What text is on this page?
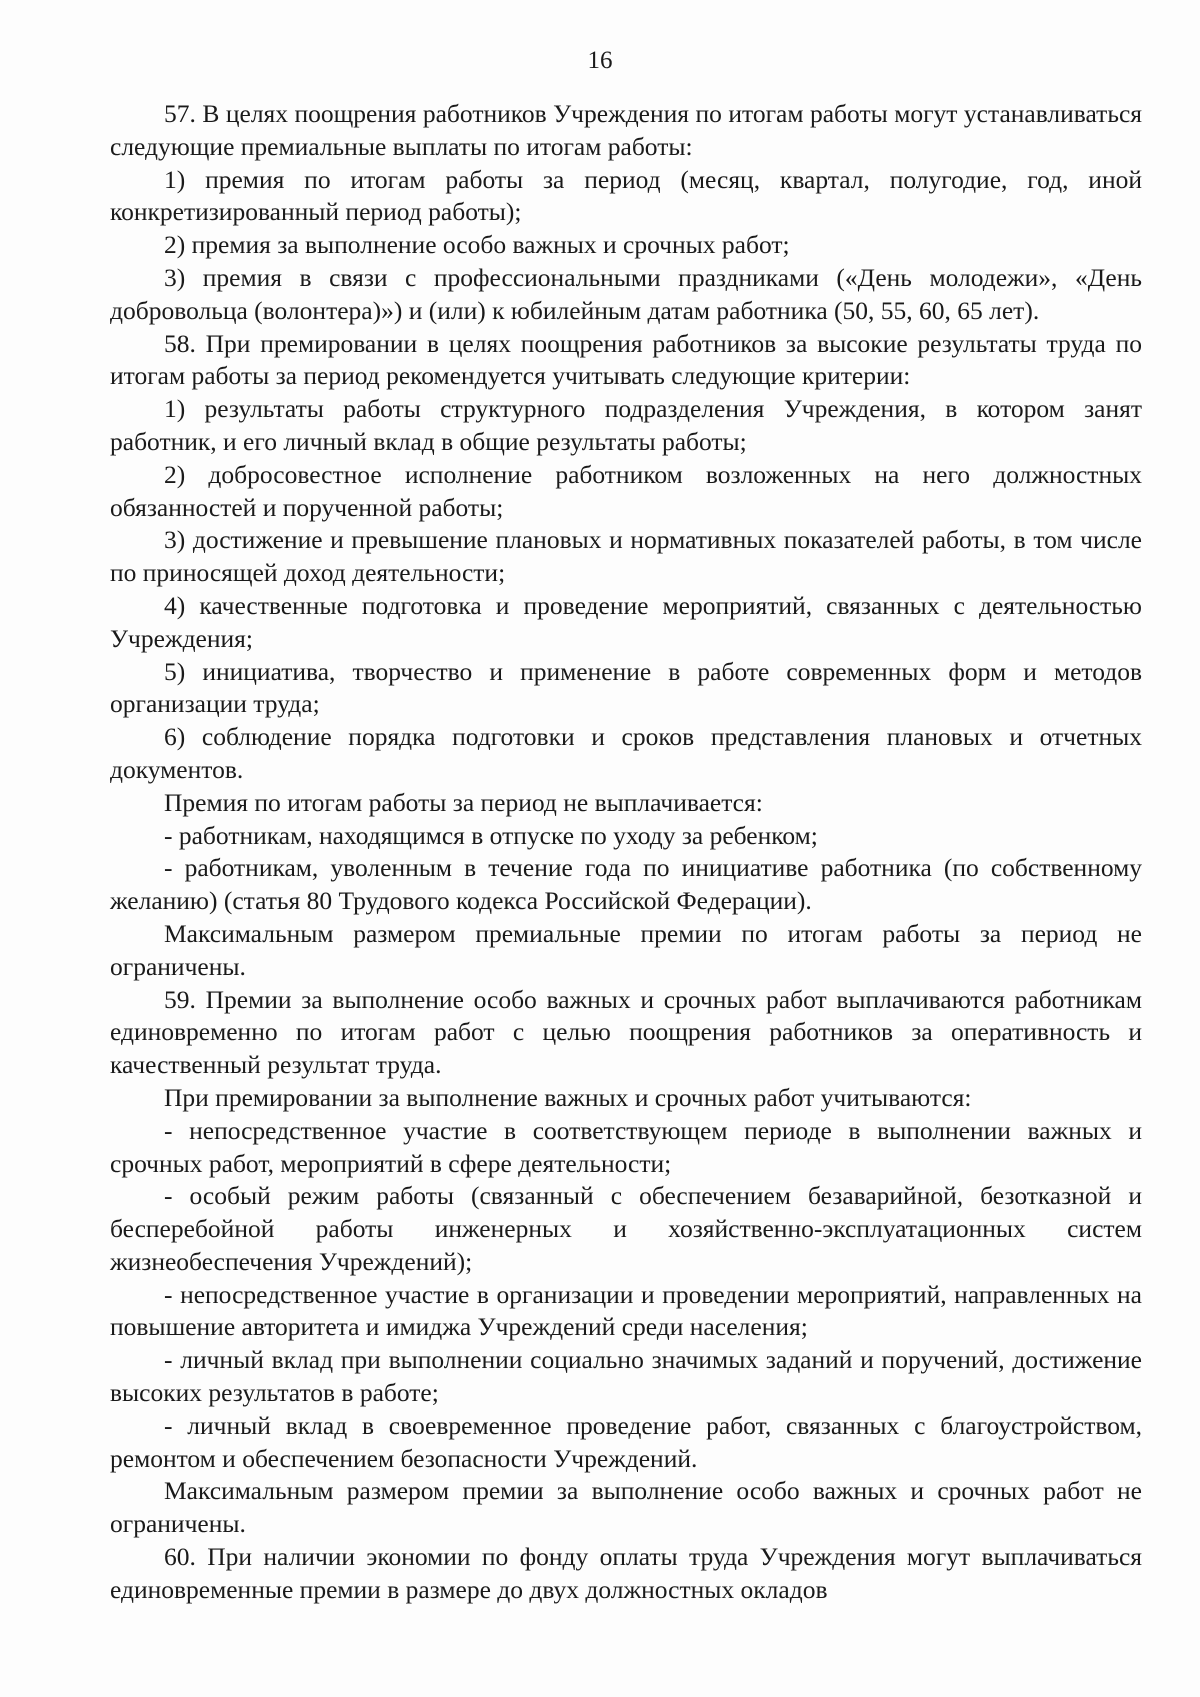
16

57. В целях поощрения работников Учреждения по итогам работы могут устанавливаться следующие премиальные выплаты по итогам работы:

1) премия по итогам работы за период (месяц, квартал, полугодие, год, иной конкретизированный период работы);

2) премия за выполнение особо важных и срочных работ;

3) премия в связи с профессиональными праздниками («День молодежи», «День добровольца (волонтера)») и (или) к юбилейным датам работника (50, 55, 60, 65 лет).

58. При премировании в целях поощрения работников за высокие результаты труда по итогам работы за период рекомендуется учитывать следующие критерии:

1) результаты работы структурного подразделения Учреждения, в котором занят работник, и его личный вклад в общие результаты работы;

2) добросовестное исполнение работником возложенных на него должностных обязанностей и порученной работы;

3) достижение и превышение плановых и нормативных показателей работы, в том числе по приносящей доход деятельности;

4) качественные подготовка и проведение мероприятий, связанных с деятельностью Учреждения;

5) инициатива, творчество и применение в работе современных форм и методов организации труда;

6) соблюдение порядка подготовки и сроков представления плановых и отчетных документов.

Премия по итогам работы за период не выплачивается:

- работникам, находящимся в отпуске по уходу за ребенком;

- работникам, уволенным в течение года по инициативе работника (по собственному желанию) (статья 80 Трудового кодекса Российской Федерации).

Максимальным размером премиальные премии по итогам работы за период не ограничены.

59. Премии за выполнение особо важных и срочных работ выплачиваются работникам единовременно по итогам работ с целью поощрения работников за оперативность и качественный результат труда.

При премировании за выполнение важных и срочных работ учитываются:

- непосредственное участие в соответствующем периоде в выполнении важных и срочных работ, мероприятий в сфере деятельности;

- особый режим работы (связанный с обеспечением безаварийной, безотказной и бесперебойной работы инженерных и хозяйственно-эксплуатационных систем жизнеобеспечения Учреждений);

- непосредственное участие в организации и проведении мероприятий, направленных на повышение авторитета и имиджа Учреждений среди населения;

- личный вклад при выполнении социально значимых заданий и поручений, достижение высоких результатов в работе;

- личный вклад в своевременное проведение работ, связанных с благоустройством, ремонтом и обеспечением безопасности Учреждений.

Максимальным размером премии за выполнение особо важных и срочных работ не ограничены.

60. При наличии экономии по фонду оплаты труда Учреждения могут выплачиваться единовременные премии в размере до двух должностных окладов
